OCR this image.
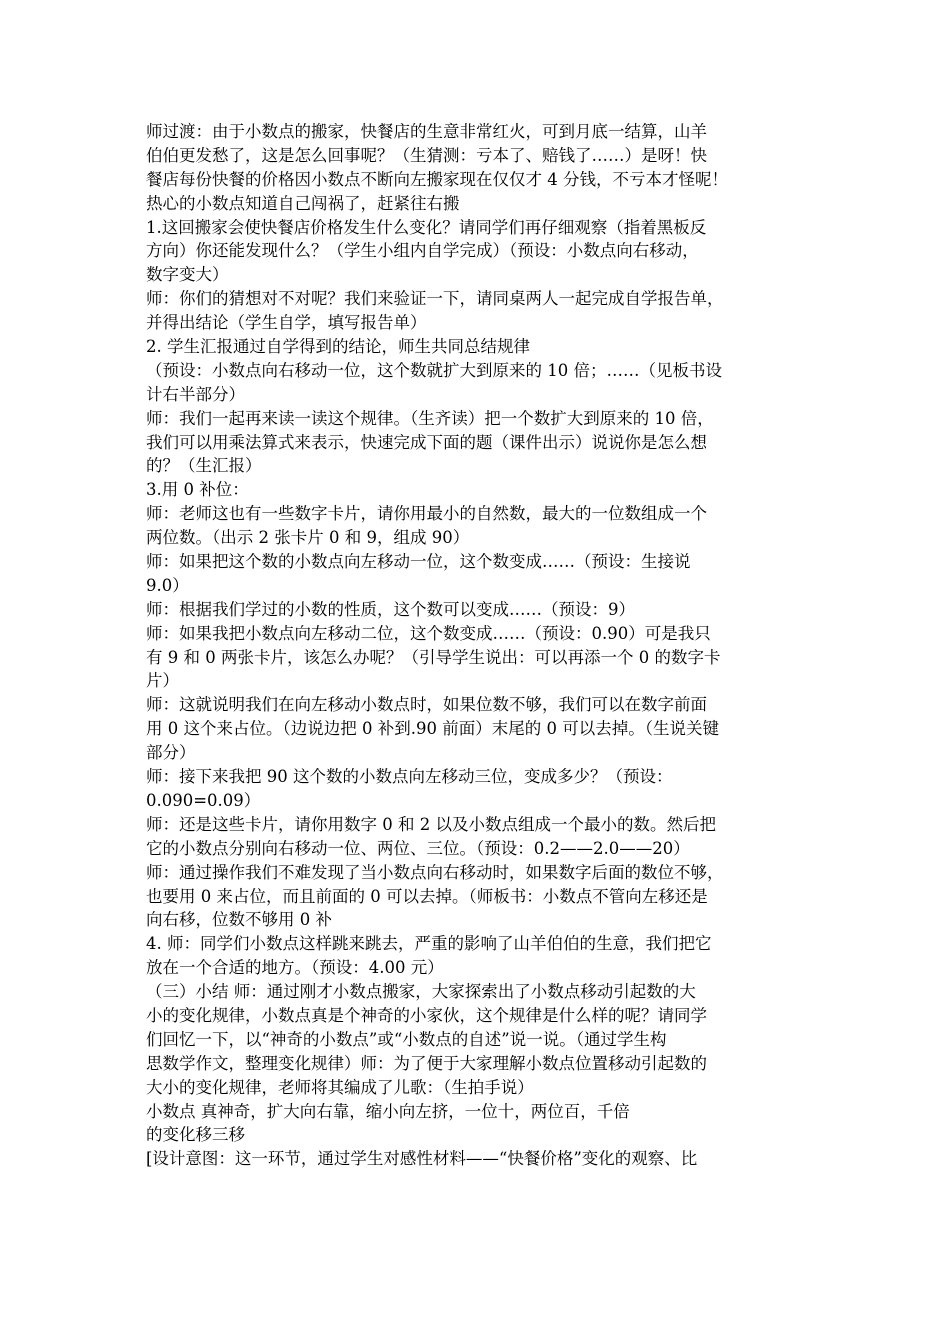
师过渡：由于小数点的搬家，快餐店的生意非常红火，可到月底一结算，山羊
伯伯更发愁了，这是怎么回事呢？（生猜测：亏本了、赔钱了……）是呀！快
餐店每份快餐的价格因小数点不断向左搬家现在仅仅才 4 分钱，不亏本才怪呢！
热心的小数点知道自己闯祸了，赶紧往右搬
1.这回搬家会使快餐店价格发生什么变化？请同学们再仔细观察（指着黑板反
方向）你还能发现什么？（学生小组内自学完成）（预设：小数点向右移动，
数字变大）
师：你们的猜想对不对呢？我们来验证一下，请同桌两人一起完成自学报告单，
并得出结论（学生自学，填写报告单）
2. 学生汇报通过自学得到的结论，师生共同总结规律
（预设：小数点向右移动一位，这个数就扩大到原来的 10 倍；……（见板书设
计右半部分）
师：我们一起再来读一读这个规律。（生齐读）把一个数扩大到原来的 10 倍，
我们可以用乘法算式来表示，快速完成下面的题（课件出示）说说你是怎么想
的？（生汇报）
3.用 0 补位：
师：老师这也有一些数字卡片，请你用最小的自然数，最大的一位数组成一个
两位数。（出示 2 张卡片 0 和 9，组成 90）
师：如果把这个数的小数点向左移动一位，这个数变成……（预设：生接说
9.0）
师：根据我们学过的小数的性质，这个数可以变成……（预设：9）
师：如果我把小数点向左移动二位，这个数变成……（预设：0.90）可是我只
有 9 和 0 两张卡片，该怎么办呢？（引导学生说出：可以再添一个 0 的数字卡
片）
师：这就说明我们在向左移动小数点时，如果位数不够，我们可以在数字前面
用 0 这个来占位。（边说边把 0 补到.90 前面）末尾的 0 可以去掉。（生说关键
部分）
师：接下来我把 90 这个数的小数点向左移动三位，变成多少？（预设：
0.090=0.09）
师：还是这些卡片，请你用数字 0 和 2 以及小数点组成一个最小的数。然后把
它的小数点分别向右移动一位、两位、三位。（预设：0.2——2.0——20）
师：通过操作我们不难发现了当小数点向右移动时，如果数字后面的数位不够，
也要用 0 来占位，而且前面的 0 可以去掉。（师板书：小数点不管向左移还是
向右移，位数不够用 0 补
4. 师：同学们小数点这样跳来跳去，严重的影响了山羊伯伯的生意，我们把它
放在一个合适的地方。（预设：4.00 元）
（三）小结 师：通过刚才小数点搬家，大家探索出了小数点移动引起数的大
小的变化规律，小数点真是个神奇的小家伙，这个规律是什么样的呢？请同学
们回忆一下，以“神奇的小数点”或“小数点的自述”说一说。（通过学生构
思数学作文，整理变化规律）师：为了便于大家理解小数点位置移动引起数的
大小的变化规律，老师将其编成了儿歌：（生拍手说）
小数点 真神奇，扩大向右靠，缩小向左挤，一位十，两位百，千倍
的变化移三移
[设计意图：这一环节，通过学生对感性材料——“快餐价格”变化的观察、比
